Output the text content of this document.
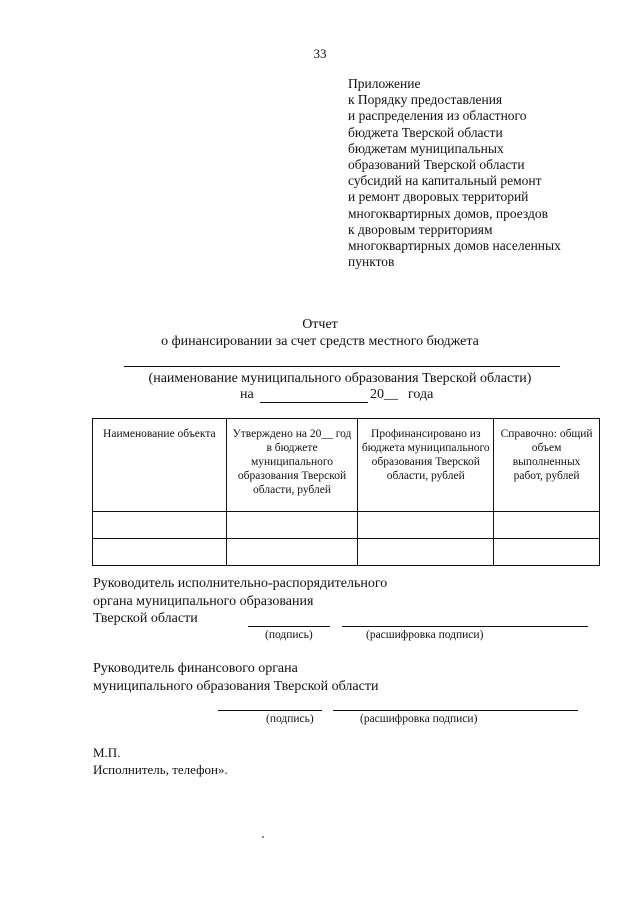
33
Приложение
к Порядку предоставления
и распределения из областного
бюджета Тверской области
бюджетам муниципальных
образований Тверской области
субсидий на капитальный ремонт
и ремонт дворовых территорий
многоквартирных домов, проездов
к дворовым территориям
многоквартирных домов населенных
пунктов
Отчет
о финансировании за счет средств местного бюджета
(наименование муниципального образования Тверской области)
на	20__ года
Наименование объекта	Утверждено на 20__ год в бюджете муниципального образования Тверской области, рублей	Профинансировано из бюджета муниципального образования Тверской области, рублей	Справочно: общий объем выполненных работ, рублей

Руководитель исполнительно-распорядительного
органа муниципального образования
Тверской области
(подпись)	(расшифровка подписи)
Руководитель финансового органа
муниципального образования Тверской области
(подпись)	(расшифровка подписи)
М.П.
Исполнитель, телефон».
